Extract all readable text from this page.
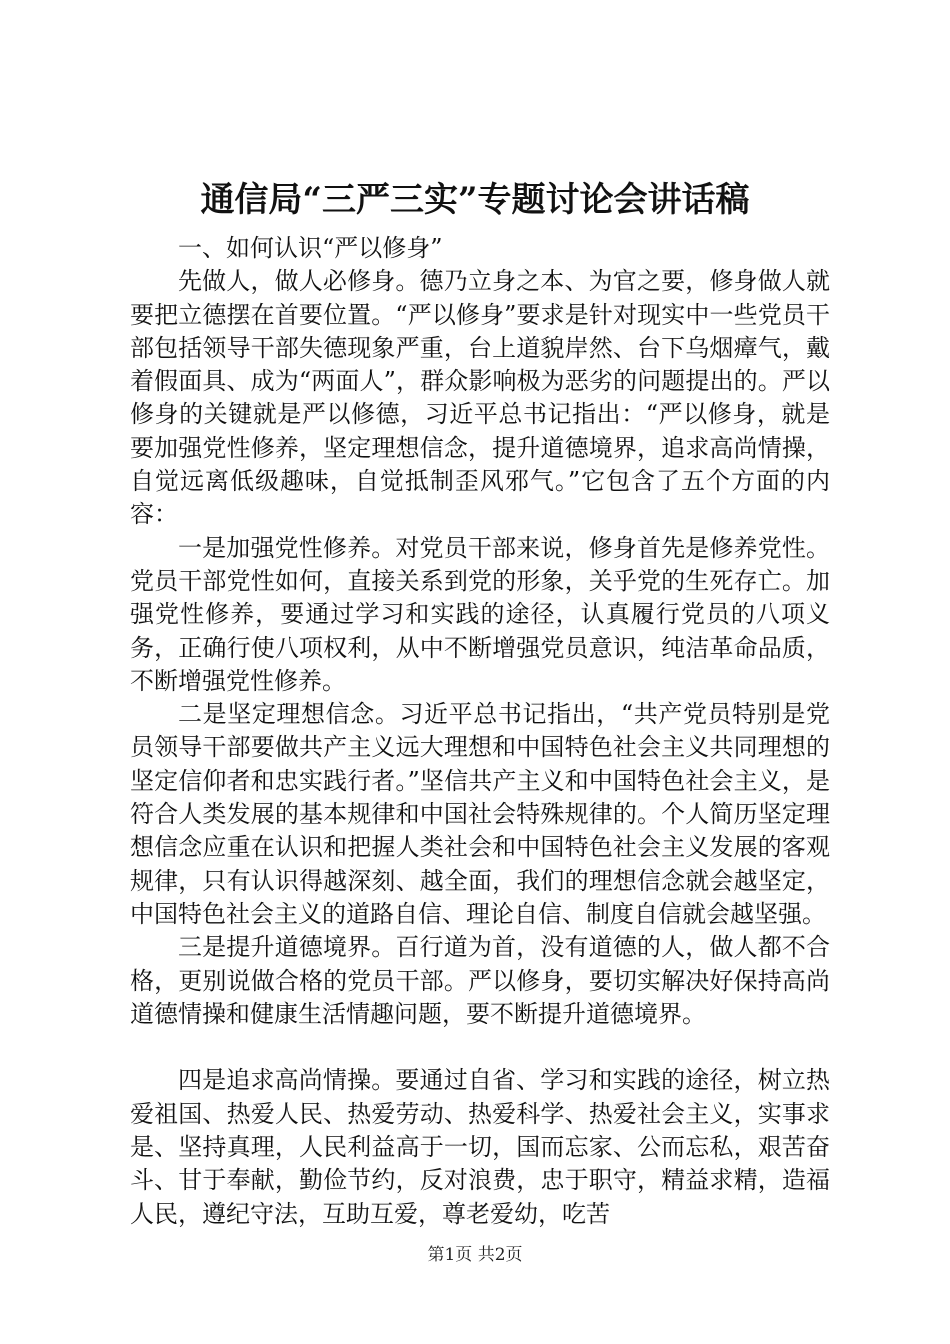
通信局“三严三实”专题讨论会讲话稿

一、如何认识“严以修身”

先做人，做人必修身。德乃立身之本、为官之要，修身做人就要把立德摆在首要位置。“严以修身”要求是针对现实中一些党员干部包括领导干部失德现象严重，台上道貌岸然、台下乌烟瘴气，戴着假面具、成为“两面人”，群众影响极为恶劣的问题提出的。严以修身的关键就是严以修德，习近平总书记指出：“严以修身，就是要加强党性修养，坚定理想信念，提升道德境界，追求高尚情操，自觉远离低级趣味，自觉抵制歪风邪气。”它包含了五个方面的内容：

一是加强党性修养。对党员干部来说，修身首先是修养党性。党员干部党性如何，直接关系到党的形象，关乎党的生死存亡。加强党性修养，要通过学习和实践的途径，认真履行党员的八项义务，正确行使八项权利，从中不断增强党员意识，纯洁革命品质，不断增强党性修养。

二是坚定理想信念。习近平总书记指出，“共产党员特别是党员领导干部要做共产主义远大理想和中国特色社会主义共同理想的坚定信仰者和忠实践行者。”坚信共产主义和中国特色社会主义，是符合人类发展的基本规律和中国社会特殊规律的。个人简历坚定理想信念应重在认识和把握人类社会和中国特色社会主义发展的客观规律，只有认识得越深刻、越全面，我们的理想信念就会越坚定，中国特色社会主义的道路自信、理论自信、制度自信就会越坚强。

三是提升道德境界。百行道为首，没有道德的人，做人都不合格，更别说做合格的党员干部。严以修身，要切实解决好保持高尚道德情操和健康生活情趣问题，要不断提升道德境界。

四是追求高尚情操。要通过自省、学习和实践的途径，树立热爱祖国、热爱人民、热爱劳动、热爱科学、热爱社会主义，实事求是、坚持真理，人民利益高于一切，国而忘家、公而忘私，艰苦奋斗、甘于奉献，勤俭节约，反对浪费，忠于职守，精益求精，造福人民，遵纪守法，互助互爱，尊老爱幼，吃苦

第1页 共2页
